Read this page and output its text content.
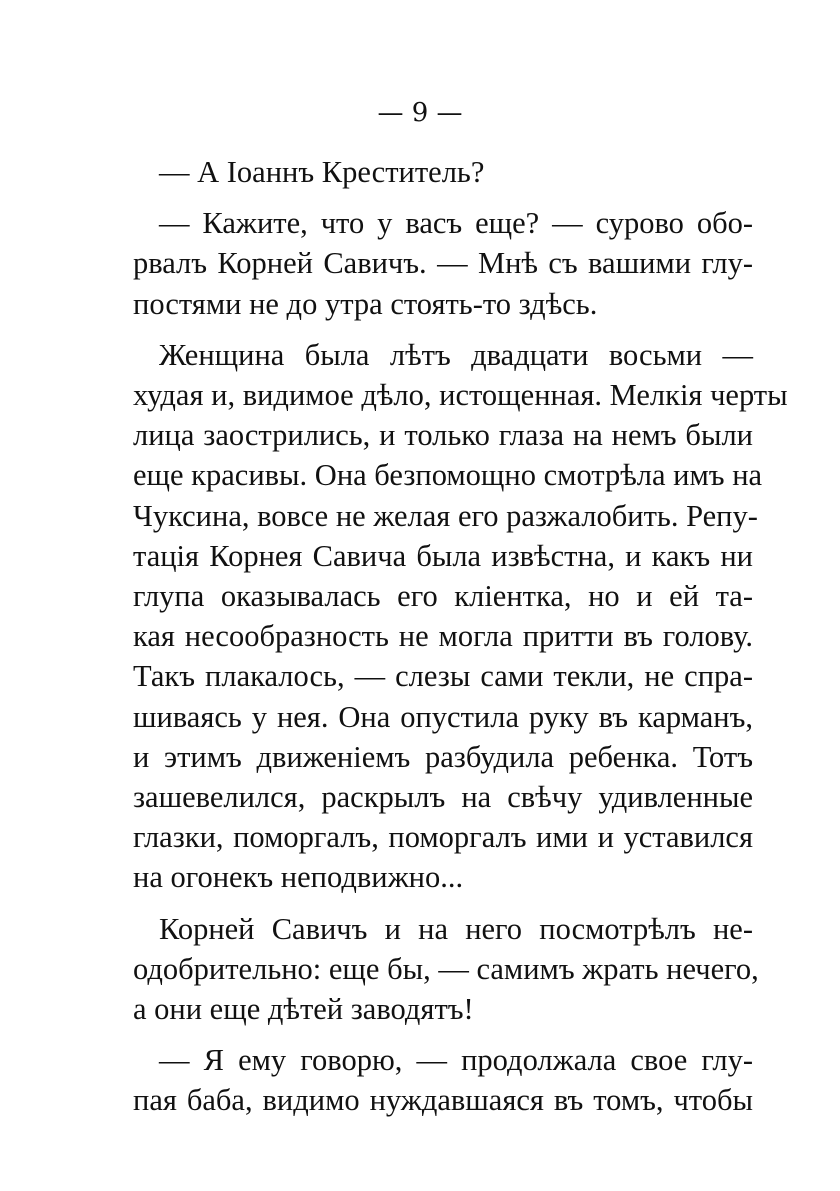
— 9 —

— А Іоаннъ Креститель?

— Кажите, что у васъ еще? — сурово обо-
рвалъ Корней Савичъ. — Мнѣ съ вашими глу-
постями не до утра стоять-то здѣсь.

Женщина была лѣтъ двадцати восьми —
худая и, видимое дѣло, истощенная. Мелкія черты
лица заострились, и только глаза на немъ были
еще красивы. Она безпомощно смотрѣла имъ на
Чуксина, вовсе не желая его разжалобить. Репу-
тація Корнея Савича была извѣстна, и какъ ни
глупа оказывалась его кліентка, но и ей та-
кая несообразность не могла притти въ голову.
Такъ плакалось, — слезы сами текли, не спра-
шиваясь у нея. Она опустила руку въ карманъ,
и этимъ движеніемъ разбудила ребенка. Тотъ
зашевелился, раскрылъ на свѣчу удивленные
глазки, поморгалъ, поморгалъ ими и уставился
на огонекъ неподвижно...

Корней Савичъ и на него посмотрѣлъ не-
одобрительно: еще бы, — самимъ жрать нечего,
а они еще дѣтей заводятъ!

— Я ему говорю, — продолжала свое глу-
пая баба, видимо нуждавшаяся въ томъ, чтобы
